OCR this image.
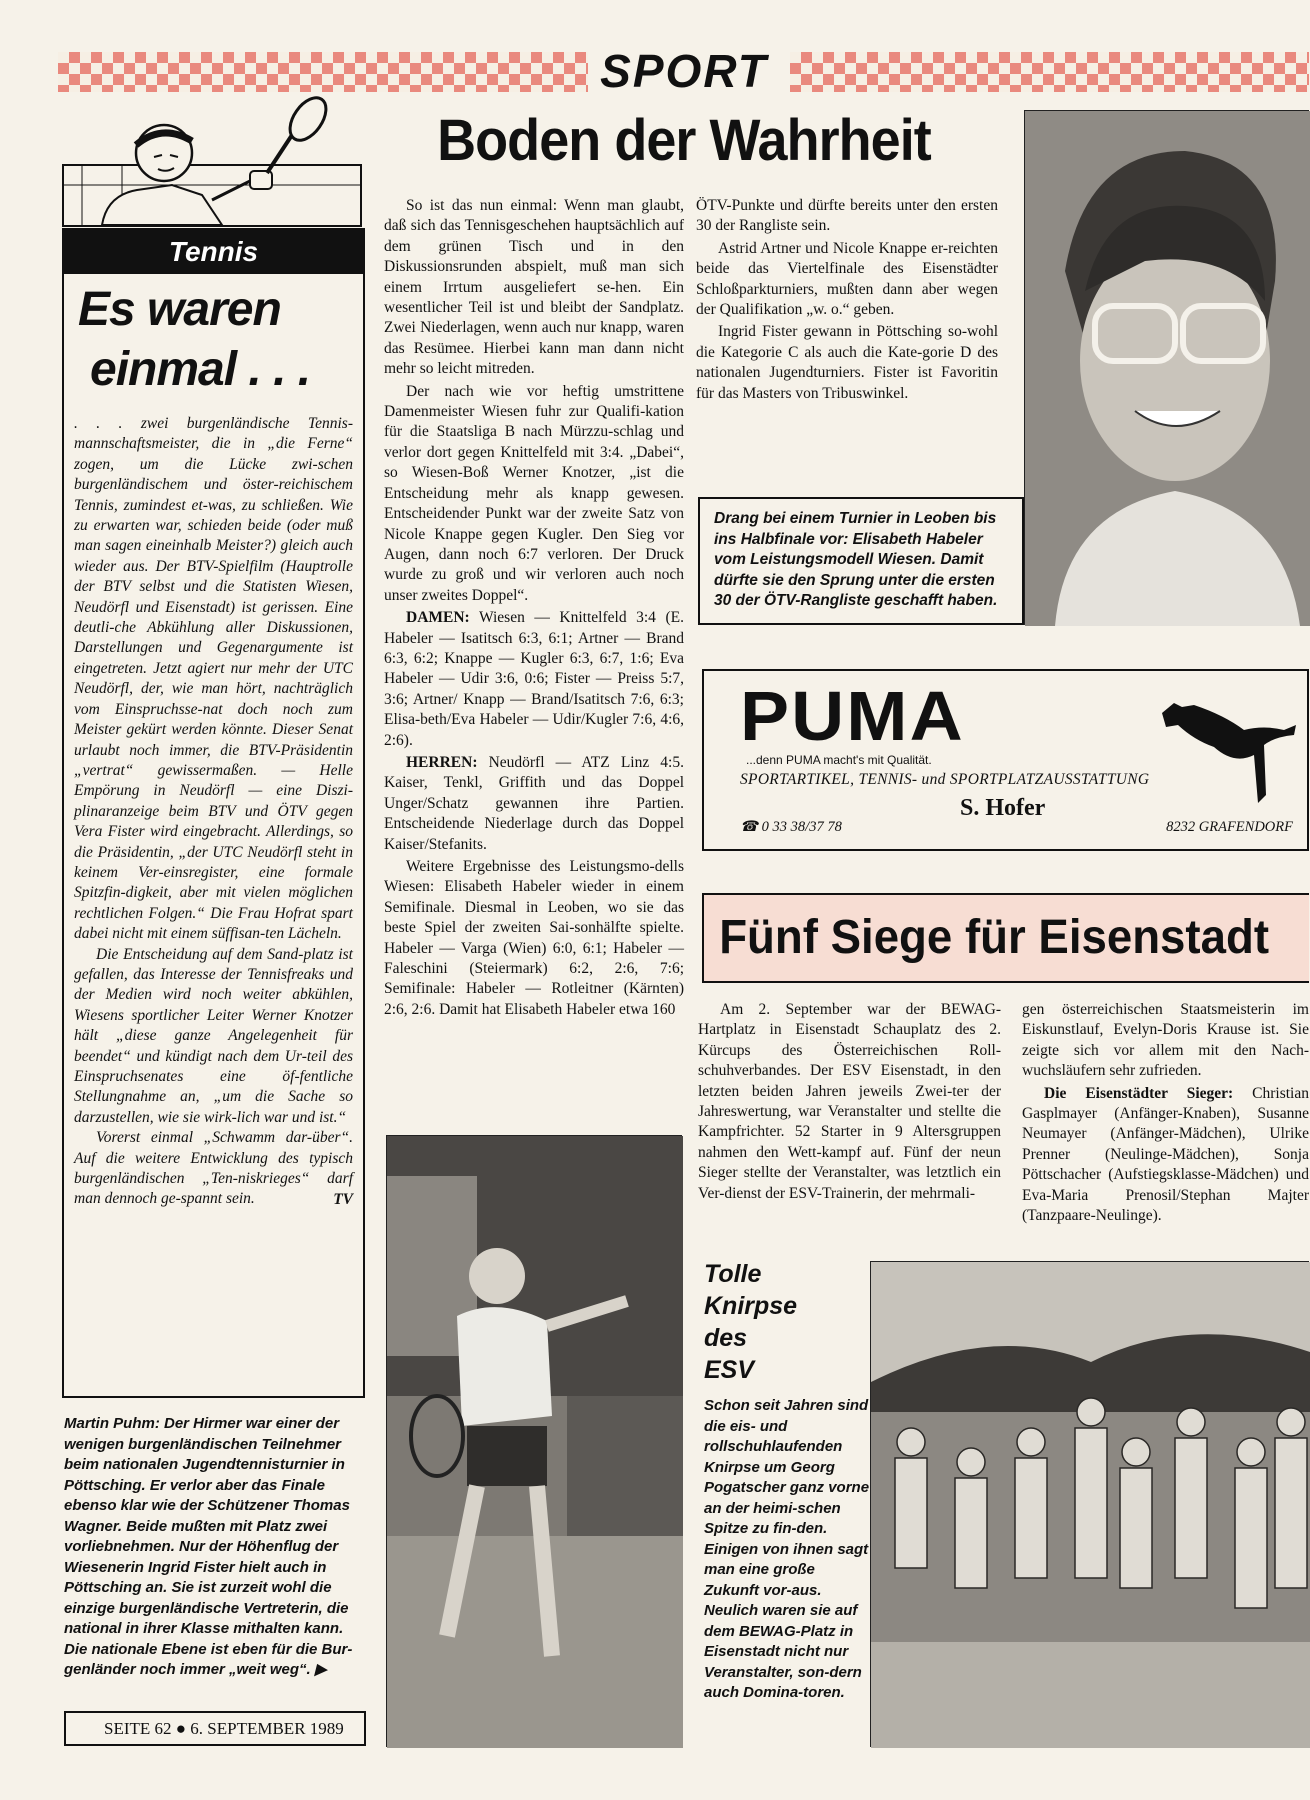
SPORT
Tennis
Es waren
einmal . . .

. . . zwei burgenländische Tennis-mannschaftsmeister, die in „die Ferne“ zogen, um die Lücke zwi-schen burgenländischem und öster-reichischem Tennis, zumindest et-was, zu schließen. Wie zu erwarten war, schieden beide (oder muß man sagen eineinhalb Meister?) gleich auch wieder aus. Der BTV-Spielfilm (Hauptrolle der BTV selbst und die Statisten Wiesen, Neudörfl und Eisenstadt) ist gerissen. Eine deutli-che Abkühlung aller Diskussionen, Darstellungen und Gegenargumente ist eingetreten. Jetzt agiert nur mehr der UTC Neudörfl, der, wie man hört, nachträglich vom Einspruchsse-nat doch noch zum Meister gekürt werden könnte. Dieser Senat urlaubt noch immer, die BTV-Präsidentin „vertrat“ gewissermaßen. — Helle Empörung in Neudörfl — eine Diszi-plinaranzeige beim BTV und ÖTV gegen Vera Fister wird eingebracht. Allerdings, so die Präsidentin, „der UTC Neudörfl steht in keinem Ver-einsregister, eine formale Spitzfin-digkeit, aber mit vielen möglichen rechtlichen Folgen.“ Die Frau Hofrat spart dabei nicht mit einem süffisan-ten Lächeln.

Die Entscheidung auf dem Sand-platz ist gefallen, das Interesse der Tennisfreaks und der Medien wird noch weiter abkühlen, Wiesens sportlicher Leiter Werner Knotzer hält „diese ganze Angelegenheit für beendet“ und kündigt nach dem Ur-teil des Einspruchsenates eine öf-fentliche Stellungnahme an, „um die Sache so darzustellen, wie sie wirk-lich war und ist.“

Vorerst einmal „Schwamm dar-über“. Auf die weitere Entwicklung des typisch burgenländischen „Ten-niskrieges“ darf man dennoch ge-spannt sein.	TV
Martin Puhm: Der Hirmer war einer der wenigen burgenländischen Teilnehmer beim nationalen Jugendtennisturnier in Pöttsching. Er verlor aber das Finale ebenso klar wie der Schützener Thomas Wagner. Beide mußten mit Platz zwei vorliebnehmen. Nur der Höhenflug der Wiesenerin Ingrid Fister hielt auch in Pöttsching an. Sie ist zurzeit wohl die einzige burgenländische Vertreterin, die national in ihrer Klasse mithalten kann. Die nationale Ebene ist eben für die Bur-genländer noch immer „weit weg“. ▶
SEITE 62 ● 6. SEPTEMBER 1989
Boden der Wahrheit

So ist das nun einmal: Wenn man glaubt, daß sich das Tennisgeschehen hauptsächlich auf dem grünen Tisch und in den Diskussionsrunden abspielt, muß man sich einem Irrtum ausgeliefert se-hen. Ein wesentlicher Teil ist und bleibt der Sandplatz. Zwei Niederlagen, wenn auch nur knapp, waren das Resümee. Hierbei kann man dann nicht mehr so leicht mitreden.

Der nach wie vor heftig umstrittene Damenmeister Wiesen fuhr zur Qualifi-kation für die Staatsliga B nach Mürzzu-schlag und verlor dort gegen Knittelfeld mit 3:4. „Dabei“, so Wiesen-Boß Werner Knotzer, „ist die Entscheidung mehr als knapp gewesen. Entscheidender Punkt war der zweite Satz von Nicole Knappe gegen Kugler. Den Sieg vor Augen, dann noch 6:7 verloren. Der Druck wurde zu groß und wir verloren auch noch unser zweites Doppel“.

DAMEN: Wiesen — Knittelfeld 3:4 (E. Habeler — Isatitsch 6:3, 6:1; Artner — Brand 6:3, 6:2; Knappe — Kugler 6:3, 6:7, 1:6; Eva Habeler — Udir 3:6, 0:6; Fister — Preiss 5:7, 3:6; Artner/ Knapp — Brand/Isatitsch 7:6, 6:3; Elisa-beth/Eva Habeler — Udir/Kugler 7:6, 4:6, 2:6).

HERREN: Neudörfl — ATZ Linz 4:5. Kaiser, Tenkl, Griffith und das Doppel Unger/Schatz gewannen ihre Partien. Entscheidende Niederlage durch das Doppel Kaiser/Stefanits.

Weitere Ergebnisse des Leistungsmo-dells Wiesen: Elisabeth Habeler wieder in einem Semifinale. Diesmal in Leoben, wo sie das beste Spiel der zweiten Sai-sonhälfte spielte. Habeler — Varga (Wien) 6:0, 6:1; Habeler — Faleschini (Steiermark) 6:2, 2:6, 7:6; Semifinale: Habeler — Rotleitner (Kärnten) 2:6, 2:6. Damit hat Elisabeth Habeler etwa 160

ÖTV-Punkte und dürfte bereits unter den ersten 30 der Rangliste sein.

Astrid Artner und Nicole Knappe er-reichten beide das Viertelfinale des Eisenstädter Schloßparkturniers, mußten dann aber wegen der Qualifikation „w. o.“ geben.

Ingrid Fister gewann in Pöttsching so-wohl die Kategorie C als auch die Kate-gorie D des nationalen Jugendturniers. Fister ist Favoritin für das Masters von Tribuswinkel.

Drang bei einem Turnier in Leoben bis ins Halbfinale vor: Elisabeth Habeler vom Leistungsmodell Wiesen. Damit dürfte sie den Sprung unter die ersten 30 der ÖTV-Rangliste geschafft haben.
PUMA
...denn PUMA macht's mit Qualität.
SPORTARTIKEL, TENNIS- und SPORTPLATZAUSSTATTUNG
S. Hofer
☎ 0 33 38/37 78	8232 GRAFENDORF
Fünf Siege für Eisenstadt

Am 2. September war der BEWAG-Hartplatz in Eisenstadt Schauplatz des 2. Kürcups des Österreichischen Roll-schuhverbandes. Der ESV Eisenstadt, in den letzten beiden Jahren jeweils Zwei-ter der Jahreswertung, war Veranstalter und stellte die Kampfrichter. 52 Starter in 9 Altersgruppen nahmen den Wett-kampf auf. Fünf der neun Sieger stellte der Veranstalter, was letztlich ein Ver-dienst der ESV-Trainerin, der mehrmali-

gen österreichischen Staatsmeisterin im Eiskunstlauf, Evelyn-Doris Krause ist. Sie zeigte sich vor allem mit den Nach-wuchsläufern sehr zufrieden.

Die Eisenstädter Sieger: Christian Gasplmayer (Anfänger-Knaben), Susanne Neumayer (Anfänger-Mädchen), Ulrike Prenner (Neulinge-Mädchen), Sonja Pöttschacher (Aufstiegsklasse-Mädchen) und Eva-Maria Prenosil/Stephan Majter (Tanzpaare-Neulinge).

Tolle
Knirpse
des
ESV
Schon seit Jahren sind die eis- und rollschuhlaufenden Knirpse um Georg Pogatscher ganz vorne an der heimi-schen Spitze zu fin-den. Einigen von ihnen sagt man eine große Zukunft vor-aus. Neulich waren sie auf dem BEWAG-Platz in Eisenstadt nicht nur Veranstalter, son-dern auch Domina-toren.
